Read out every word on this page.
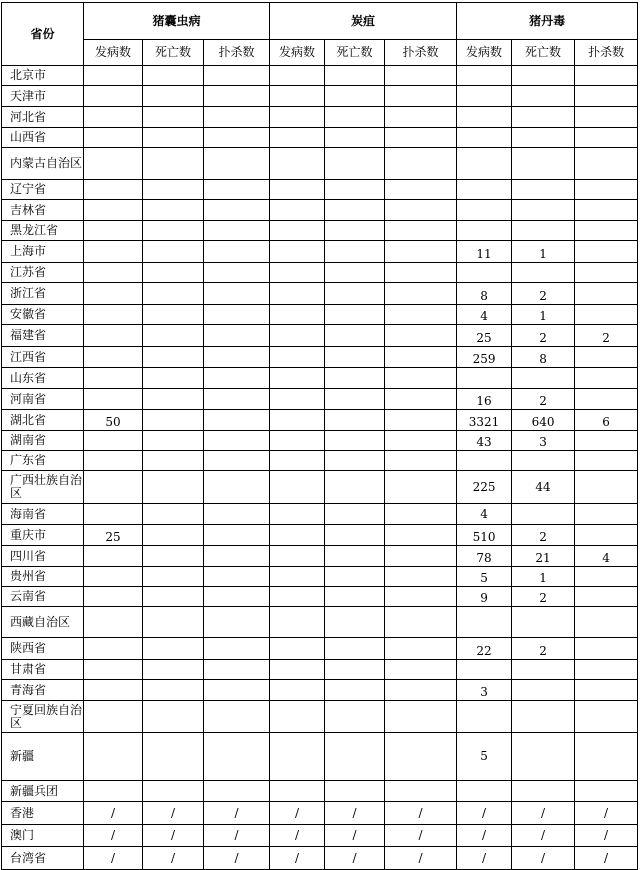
省份	猪囊虫病			炭疽			猪丹毒		
	发病数	死亡数	扑杀数	发病数	死亡数	扑杀数	发病数	死亡数	扑杀数
北京市									
天津市									
河北省									
山西省									
内蒙古自治区									
辽宁省									
吉林省									
黑龙江省									
上海市							11	1	
江苏省									
浙江省							8	2	
安徽省							4	1	
福建省							25	2	2
江西省							259	8	
山东省									
河南省							16	2	
湖北省	50						3321	640	6
湖南省							43	3	
广东省									
广西壮族自治区							225	44	
海南省							4		
重庆市	25						510	2	
四川省							78	21	4
贵州省							5	1	
云南省							9	2	
西藏自治区									
陕西省							22	2	
甘肃省									
青海省							3		
宁夏回族自治区									
新疆							5		
新疆兵团									
香港	/	/	/	/	/	/	/	/	/
澳门	/	/	/	/	/	/	/	/	/
台湾省	/	/	/	/	/	/	/	/	/
